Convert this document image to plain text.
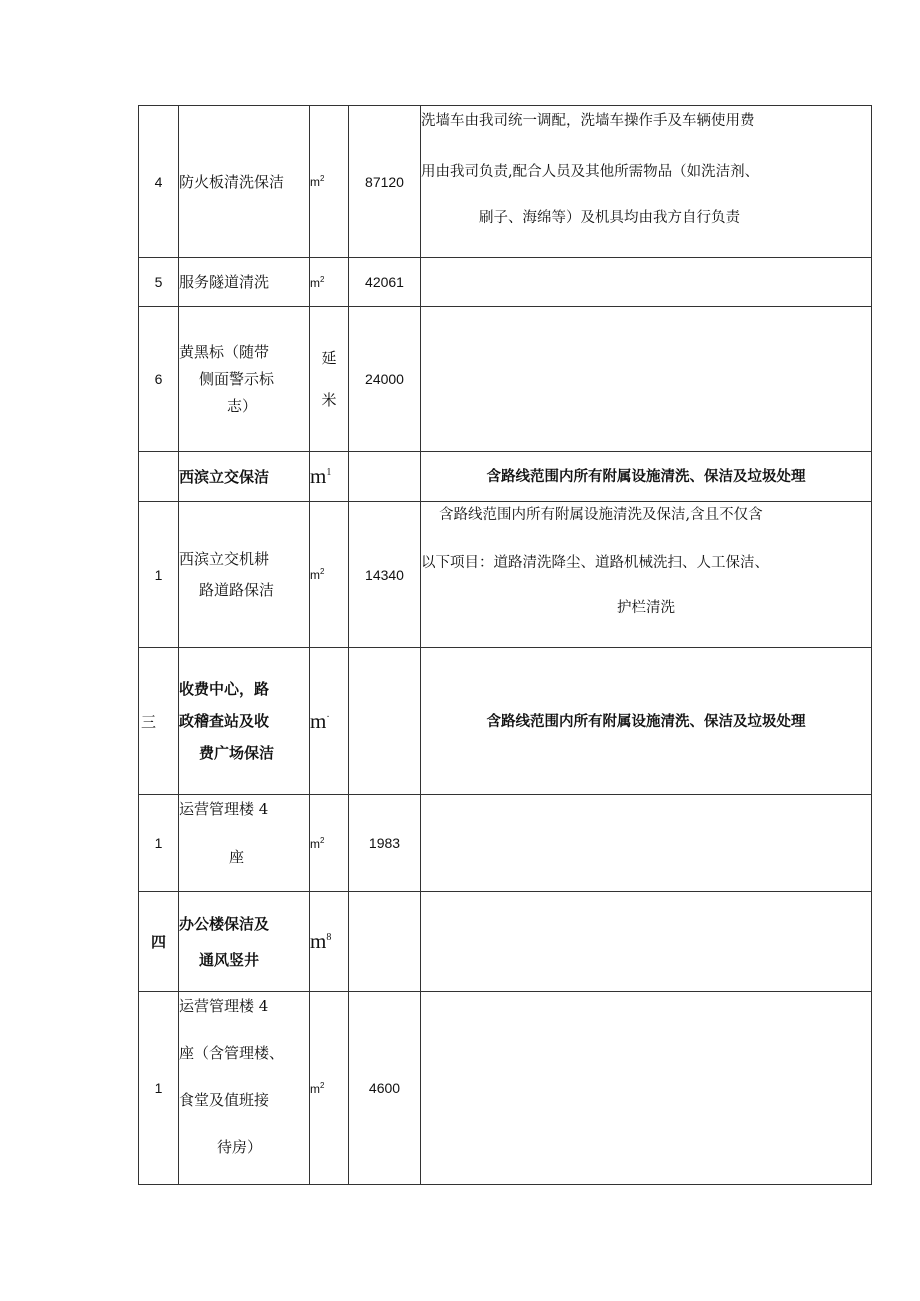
4	防火板清洗保洁	$m^2$	87120	洗墙车由我司统一调配，洗墙车操作手及车辆使用费
用由我司负责,配合人员及其他所需物品（如洗洁剂、
刷子、海绵等）及机具均由我方自行负责

5	服务隧道清洗	$m^2$	42061	
6	黄黑标（随带
侧面警示标
志）	延
米	24000	

	西滨立交保洁	$m^1$		含路线范围内所有附属设施清洗、保洁及垃圾处理
1	西滨立交机耕
路道路保洁	$m^2$	14340	含路线范围内所有附属设施清洗及保洁,含且不仅含
以下项目：道路清洗降尘、道路机械洗扫、人工保洁、
护栏清洗

三	收费中心，路
政稽查站及收
费广场保洁	m·		含路线范围内所有附属设施清洗、保洁及垃圾处理
1	运营管理楼 4
座	$m^2$	1983	
四	办公楼保洁及
通风竖井	$m^8$		
1	运营管理楼 4
座（含管理楼、
食堂及值班接
待房）	$m^2$	4600	
